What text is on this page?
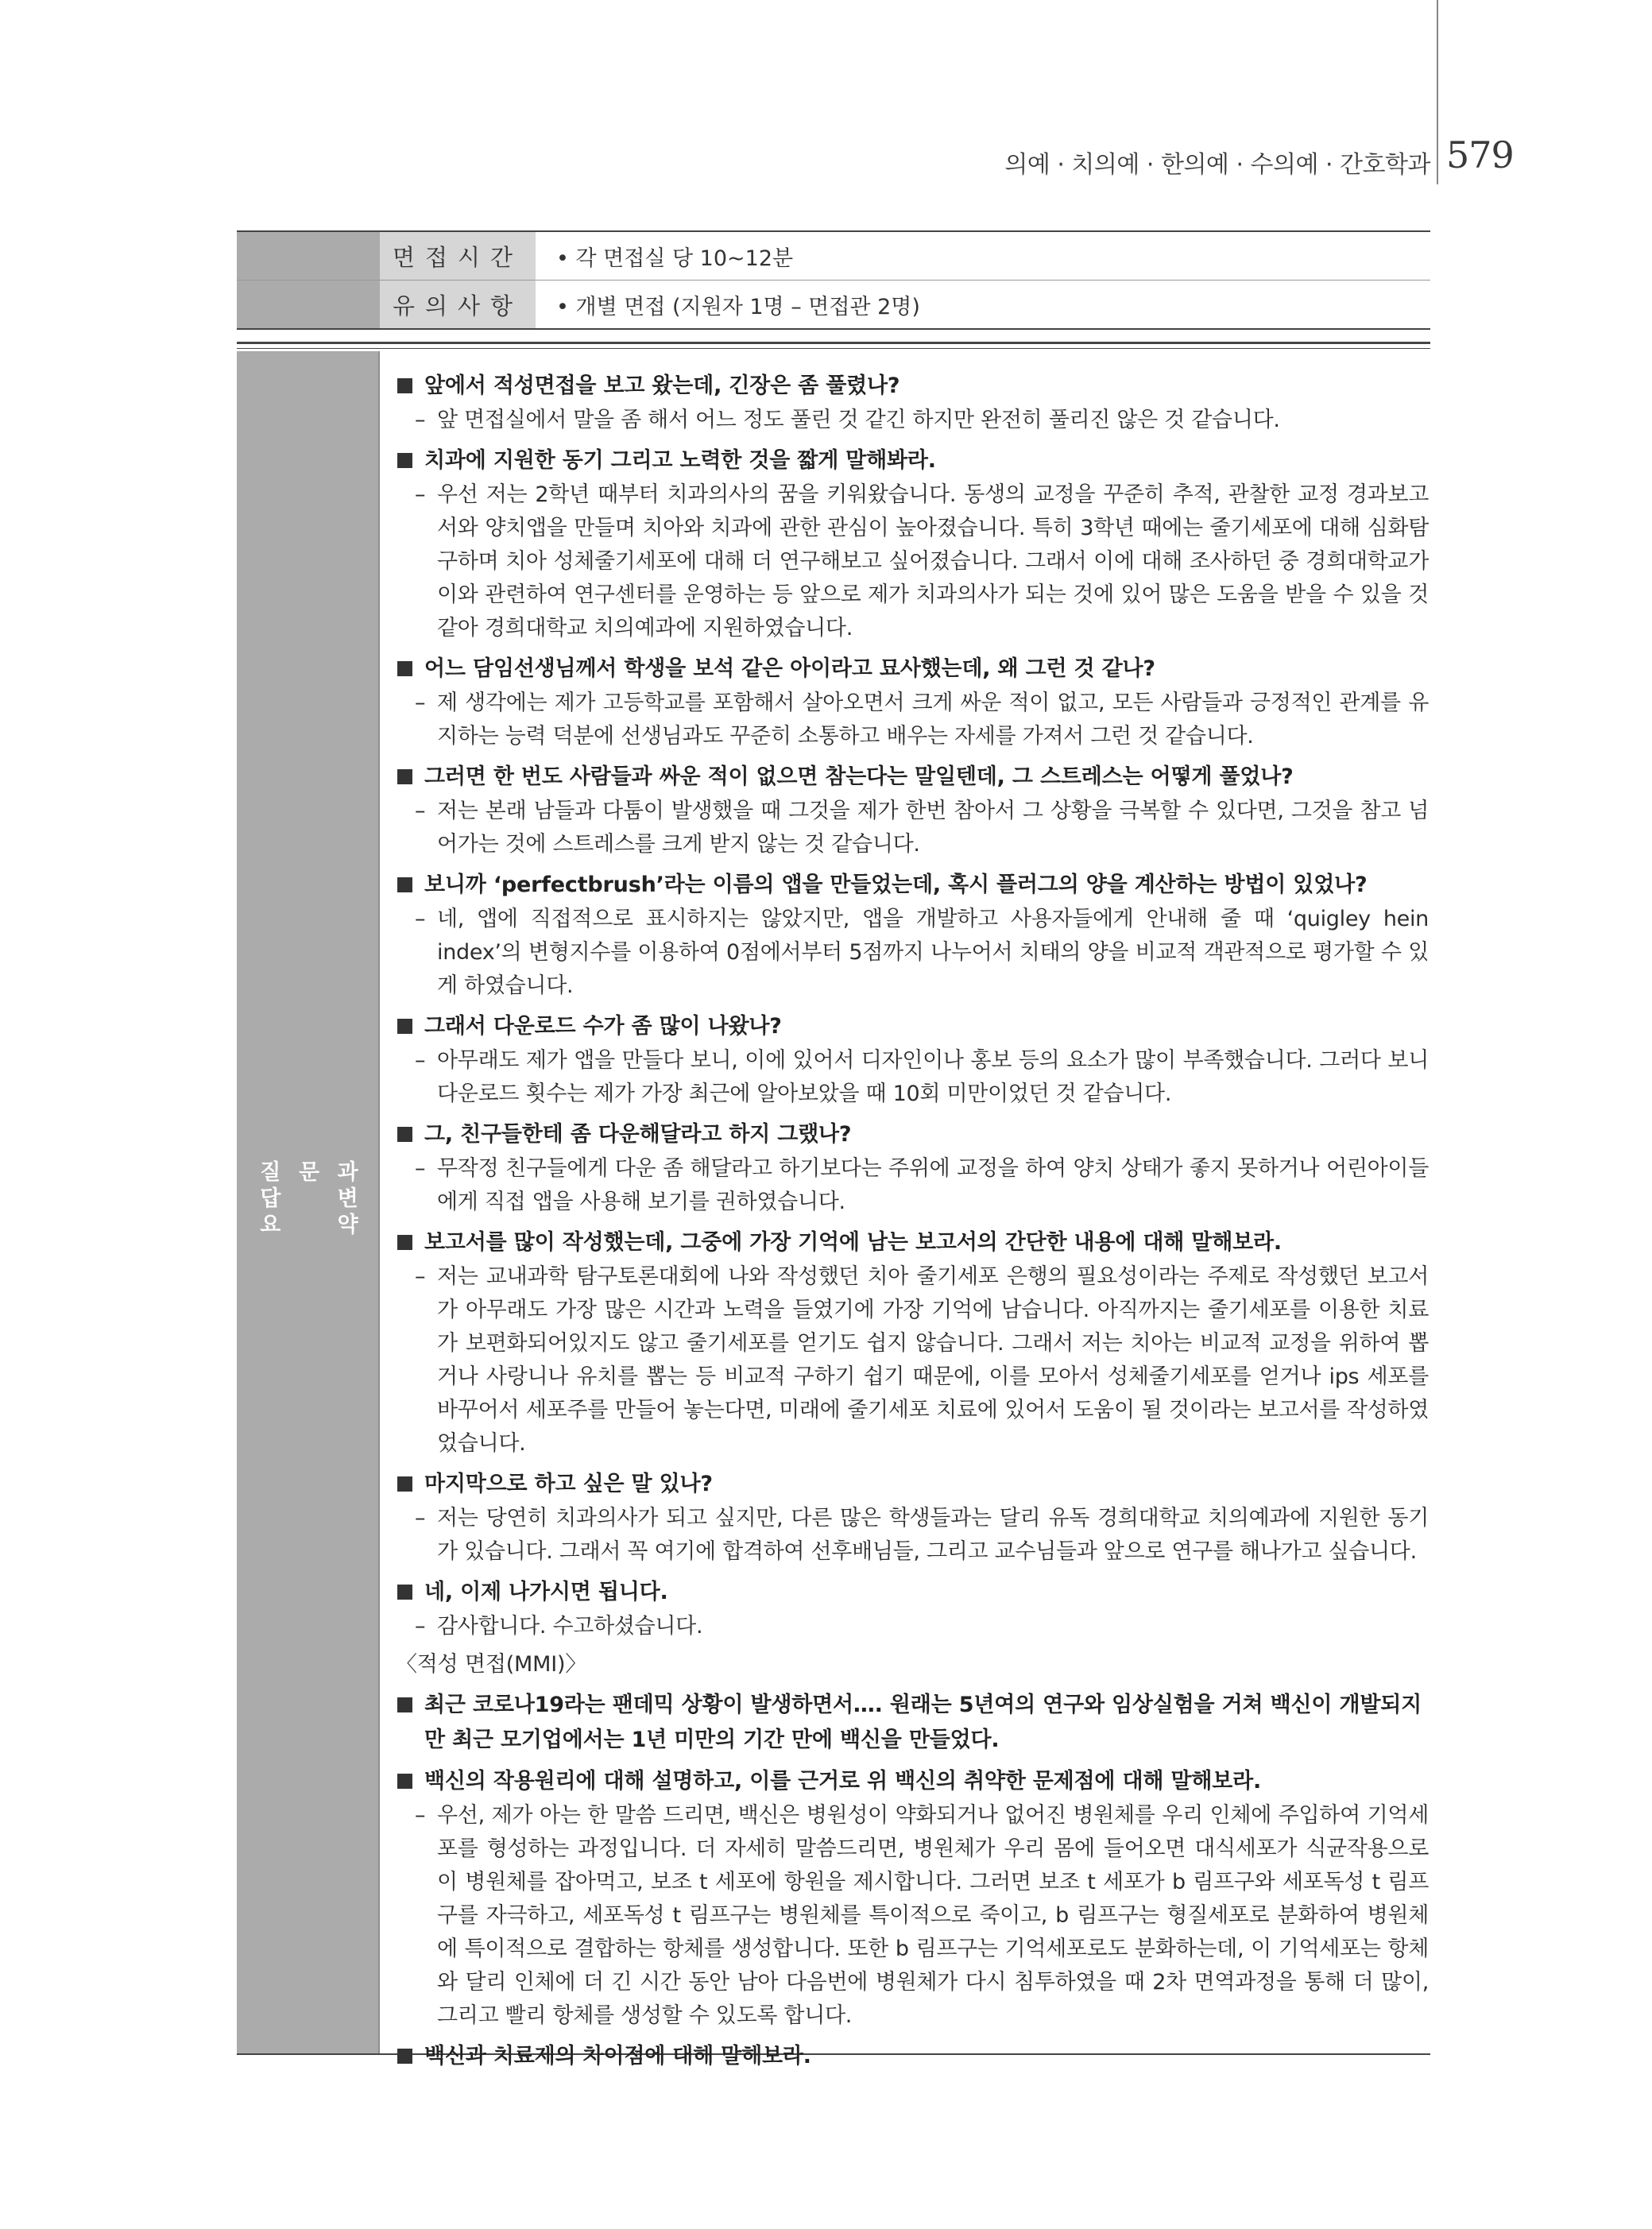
의예 · 치의예 · 한의예 · 수의예 · 간호학과 579
면접시간	• 각 면접실 당 10~12분
유의사항	• 개별 면접 (지원자 1명 – 면접관 2명)
질 문 과
답	변
요	약
앞에서 적성면접을 보고 왔는데, 긴장은 좀 풀렸나?
– 앞 면접실에서 말을 좀 해서 어느 정도 풀린 것 같긴 하지만 완전히 풀리진 않은 것 같습니다.
치과에 지원한 동기 그리고 노력한 것을 짧게 말해봐라.
– 우선 저는 2학년 때부터 치과의사의 꿈을 키워왔습니다. 동생의 교정을 꾸준히 추적, 관찰한 교정 경과보고서와 양치앱을 만들며 치아와 치과에 관한 관심이 높아졌습니다. 특히 3학년 때에는 줄기세포에 대해 심화탐구하며 치아 성체줄기세포에 대해 더 연구해보고 싶어졌습니다. 그래서 이에 대해 조사하던 중 경희대학교가 이와 관련하여 연구센터를 운영하는 등 앞으로 제가 치과의사가 되는 것에 있어 많은 도움을 받을 수 있을 것 같아 경희대학교 치의예과에 지원하였습니다.
어느 담임선생님께서 학생을 보석 같은 아이라고 묘사했는데, 왜 그런 것 같나?
– 제 생각에는 제가 고등학교를 포함해서 살아오면서 크게 싸운 적이 없고, 모든 사람들과 긍정적인 관계를 유지하는 능력 덕분에 선생님과도 꾸준히 소통하고 배우는 자세를 가져서 그런 것 같습니다.
그러면 한 번도 사람들과 싸운 적이 없으면 참는다는 말일텐데, 그 스트레스는 어떻게 풀었나?
– 저는 본래 남들과 다툼이 발생했을 때 그것을 제가 한번 참아서 그 상황을 극복할 수 있다면, 그것을 참고 넘어가는 것에 스트레스를 크게 받지 않는 것 같습니다.
보니까 ‘perfectbrush’라는 이름의 앱을 만들었는데, 혹시 플러그의 양을 계산하는 방법이 있었나?
– 네, 앱에 직접적으로 표시하지는 않았지만, 앱을 개발하고 사용자들에게 안내해 줄 때 ‘quigley hein index’의 변형지수를 이용하여 0점에서부터 5점까지 나누어서 치태의 양을 비교적 객관적으로 평가할 수 있게 하였습니다.
그래서 다운로드 수가 좀 많이 나왔나?
– 아무래도 제가 앱을 만들다 보니, 이에 있어서 디자인이나 홍보 등의 요소가 많이 부족했습니다. 그러다 보니 다운로드 횟수는 제가 가장 최근에 알아보았을 때 10회 미만이었던 것 같습니다.
그, 친구들한테 좀 다운해달라고 하지 그랬나?
– 무작정 친구들에게 다운 좀 해달라고 하기보다는 주위에 교정을 하여 양치 상태가 좋지 못하거나 어린아이들에게 직접 앱을 사용해 보기를 권하였습니다.
보고서를 많이 작성했는데, 그중에 가장 기억에 남는 보고서의 간단한 내용에 대해 말해보라.
– 저는 교내과학 탐구토론대회에 나와 작성했던 치아 줄기세포 은행의 필요성이라는 주제로 작성했던 보고서가 아무래도 가장 많은 시간과 노력을 들였기에 가장 기억에 남습니다. 아직까지는 줄기세포를 이용한 치료가 보편화되어있지도 않고 줄기세포를 얻기도 쉽지 않습니다. 그래서 저는 치아는 비교적 교정을 위하여 뽑거나 사랑니나 유치를 뽑는 등 비교적 구하기 쉽기 때문에, 이를 모아서 성체줄기세포를 얻거나 ips 세포를 바꾸어서 세포주를 만들어 놓는다면, 미래에 줄기세포 치료에 있어서 도움이 될 것이라는 보고서를 작성하였었습니다.
마지막으로 하고 싶은 말 있나?
– 저는 당연히 치과의사가 되고 싶지만, 다른 많은 학생들과는 달리 유독 경희대학교 치의예과에 지원한 동기가 있습니다. 그래서 꼭 여기에 합격하여 선후배님들, 그리고 교수님들과 앞으로 연구를 해나가고 싶습니다.
네, 이제 나가시면 됩니다.
– 감사합니다. 수고하셨습니다.
〈적성 면접(MMI)〉
최근 코로나19라는 팬데믹 상황이 발생하면서…. 원래는 5년여의 연구와 임상실험을 거쳐 백신이 개발되지만 최근 모기업에서는 1년 미만의 기간 만에 백신을 만들었다.
백신의 작용원리에 대해 설명하고, 이를 근거로 위 백신의 취약한 문제점에 대해 말해보라.
– 우선, 제가 아는 한 말씀 드리면, 백신은 병원성이 약화되거나 없어진 병원체를 우리 인체에 주입하여 기억세포를 형성하는 과정입니다. 더 자세히 말씀드리면, 병원체가 우리 몸에 들어오면 대식세포가 식균작용으로 이 병원체를 잡아먹고, 보조 t 세포에 항원을 제시합니다. 그러면 보조 t 세포가 b 림프구와 세포독성 t 림프구를 자극하고, 세포독성 t 림프구는 병원체를 특이적으로 죽이고, b 림프구는 형질세포로 분화하여 병원체에 특이적으로 결합하는 항체를 생성합니다. 또한 b 림프구는 기억세포로도 분화하는데, 이 기억세포는 항체와 달리 인체에 더 긴 시간 동안 남아 다음번에 병원체가 다시 침투하였을 때 2차 면역과정을 통해 더 많이, 그리고 빨리 항체를 생성할 수 있도록 합니다.
백신과 치료제의 차이점에 대해 말해보라.
